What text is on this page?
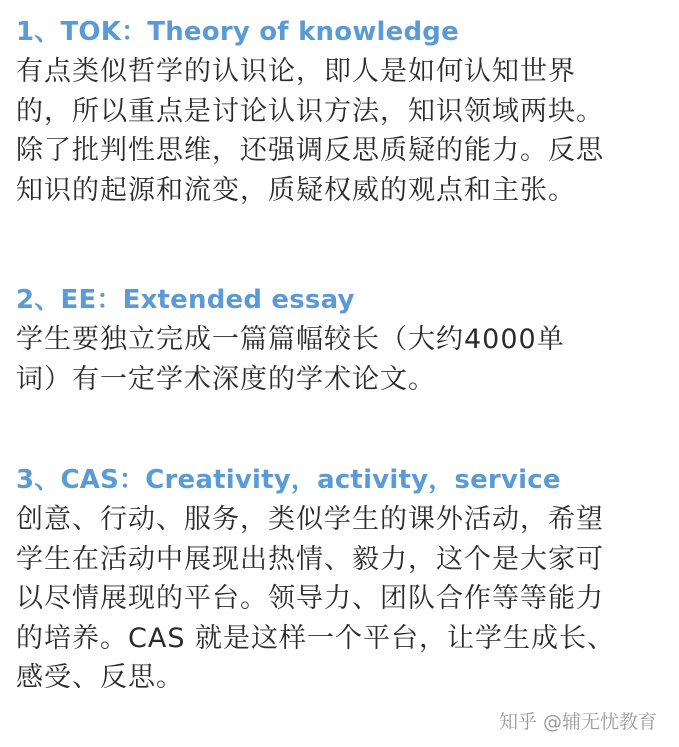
1、TOK：Theory of knowledge
有点类似哲学的认识论，即人是如何认知世界
的，所以重点是讨论认识方法，知识领域两块。
除了批判性思维，还强调反思质疑的能力。反思
知识的起源和流变，质疑权威的观点和主张。
2、EE：Extended essay
学生要独立完成一篇篇幅较长（大约4000单
词）有一定学术深度的学术论文。
3、CAS：Creativity，activity，service
创意、行动、服务，类似学生的课外活动，希望
学生在活动中展现出热情、毅力，这个是大家可
以尽情展现的平台。领导力、团队合作等等能力
的培养。CAS 就是这样一个平台，让学生成长、
感受、反思。
知乎 @辅无忧教育
